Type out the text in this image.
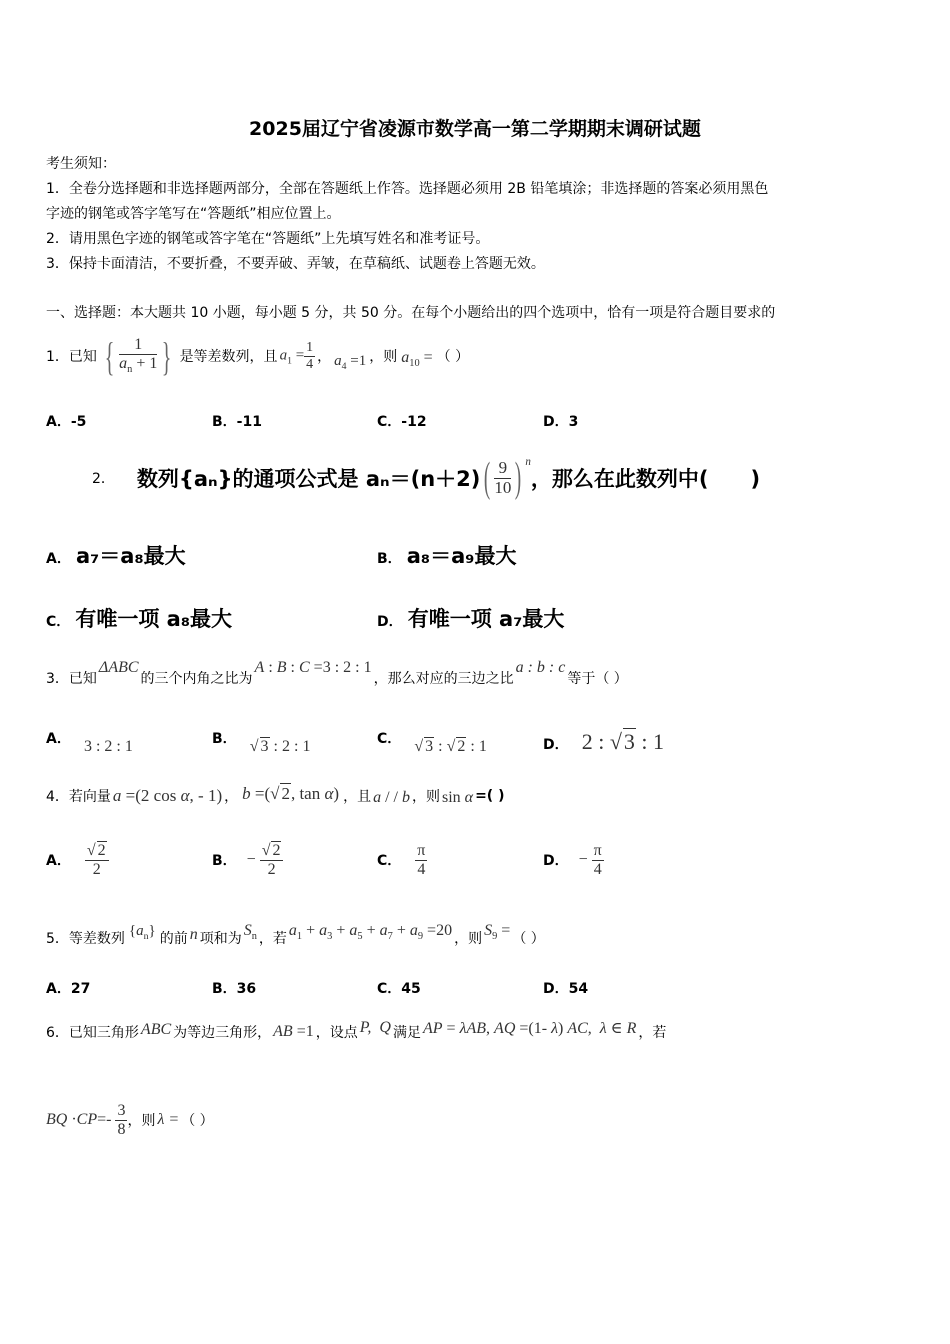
2025届辽宁省凌源市数学高一第二学期期末调研试题
考生须知：
1．全卷分选择题和非选择题两部分，全部在答题纸上作答。选择题必须用 2B 铅笔填涂；非选择题的答案必须用黑色
字迹的钢笔或答字笔写在“答题纸”相应位置上。
2．请用黑色字迹的钢笔或答字笔在“答题纸”上先填写姓名和准考证号。
3．保持卡面清洁，不要折叠，不要弄破、弄皱，在草稿纸、试题卷上答题无效。
一、选择题：本大题共 10 小题，每小题 5 分，共 50 分。在每个小题给出的四个选项中，恰有一项是符合题目要求的
1．已知 { $\frac{1}{a_n + 1}$ } 是等差数列，且 $a_1 = \frac{1}{4}$ ， $a_4 =1$ ，则 $a_{10}$ = （ ）
A．-5	B．-11	C．-12	D．3
2． 数列{aₙ}的通项公式是 aₙ＝(n＋2) ( $\frac{9}{10}$ ) $^n$
，那么在此数列中(　　)
A． a₇＝a₈最大	B． a₈＝a₉最大
C． 有唯一项 a₈最大	D． 有唯一项 a₇最大
3．已知
ΔABC
的三个内角之比为
A : B : C =3 : 2 : 1
，那么对应的三边之比
a : b : c
等于（ ）
A． 3 : 2 : 1	B． √ 3 : 2 : 1	C． √ 3 : √ 2 : 1	D． 2 : √3 : 1
4．若向量 a =(2 cos α, - 1) ， b =(√ 2, tan α) ，且 a / / b ，则 sin α =( )
A． $\frac{√ 2}{2}$	B． − $\frac{√ 2}{2}$	C． $\frac{\pi}{4}$	D． − $\frac{\pi}{4}$
5．等差数列
$\{a_n\}$
的前 n 项和为
$S_n$ ，若
$a_1 + a_3 + a_5 + a_7 + a_9 =20$
，则
$S_9$ =
（ ）
A．27	B．36	C．45	D．54
6．已知三角形 ABC 为等边三角形， AB =1 ，设点 P,  Q 满足 AP = λAB, AQ =(1- λ) AC,  λ ∈ R ，若
BQ · CP =- $\frac{3}{8}$ ，则 λ = （ ）
